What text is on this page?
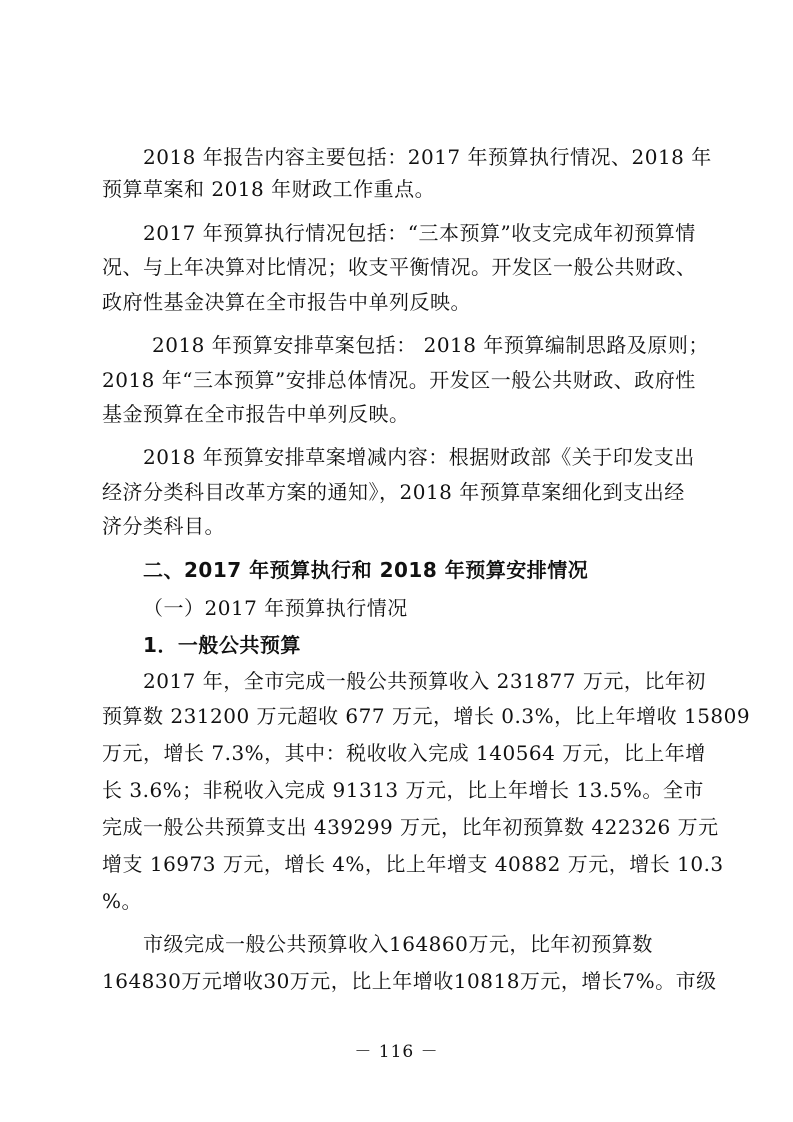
2018 年报告内容主要包括：2017 年预算执行情况、2018 年
预算草案和 2018 年财政工作重点。
2017 年预算执行情况包括：“三本预算”收支完成年初预算情
况、与上年决算对比情况；收支平衡情况。开发区一般公共财政、
政府性基金决算在全市报告中单列反映。
2018 年预算安排草案包括： 2018 年预算编制思路及原则；
2018 年“三本预算”安排总体情况。开发区一般公共财政、政府性
基金预算在全市报告中单列反映。
2018 年预算安排草案增减内容：根据财政部《关于印发支出
经济分类科目改革方案的通知》，2018 年预算草案细化到支出经
济分类科目。
二、2017 年预算执行和 2018 年预算安排情况
（一）2017 年预算执行情况
1．一般公共预算
2017 年，全市完成一般公共预算收入 231877 万元，比年初
预算数 231200 万元超收 677 万元，增长 0.3%，比上年增收 15809
万元，增长 7.3%，其中：税收收入完成 140564 万元，比上年增
长 3.6%；非税收入完成 91313 万元，比上年增长 13.5%。全市
完成一般公共预算支出 439299 万元，比年初预算数 422326 万元
增支 16973 万元，增长 4%，比上年增支 40882 万元，增长 10.3
%。
市级完成一般公共预算收入164860万元，比年初预算数
164830万元增收30万元，比上年增收10818万元，增长7%。市级
－ 116 －
